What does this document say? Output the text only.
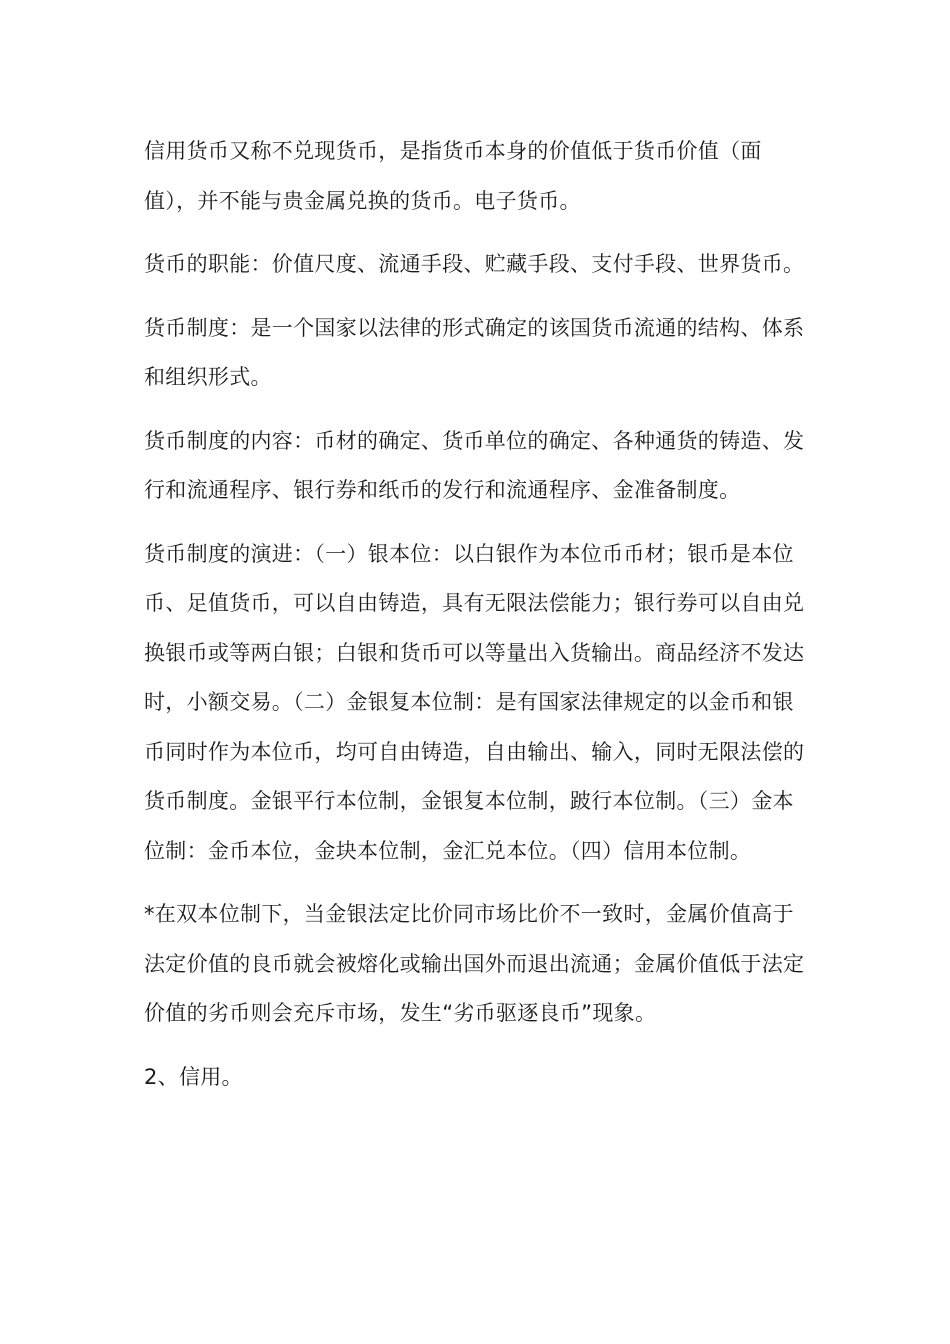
信用货币又称不兑现货币，是指货币本身的价值低于货币价值（面值），并不能与贵金属兑换的货币。电子货币。

货币的职能：价值尺度、流通手段、贮藏手段、支付手段、世界货币。

货币制度：是一个国家以法律的形式确定的该国货币流通的结构、体系和组织形式。

货币制度的内容：币材的确定、货币单位的确定、各种通货的铸造、发行和流通程序、银行券和纸币的发行和流通程序、金准备制度。

货币制度的演进：（一）银本位：以白银作为本位币币材；银币是本位币、足值货币，可以自由铸造，具有无限法偿能力；银行券可以自由兑换银币或等两白银；白银和货币可以等量出入货输出。商品经济不发达时，小额交易。（二）金银复本位制：是有国家法律规定的以金币和银币同时作为本位币，均可自由铸造，自由输出、输入，同时无限法偿的货币制度。金银平行本位制，金银复本位制，跛行本位制。（三）金本位制：金币本位，金块本位制，金汇兑本位。（四）信用本位制。

*在双本位制下，当金银法定比价同市场比价不一致时，金属价值高于法定价值的良币就会被熔化或输出国外而退出流通；金属价值低于法定价值的劣币则会充斥市场，发生“劣币驱逐良币”现象。

2、信用。
